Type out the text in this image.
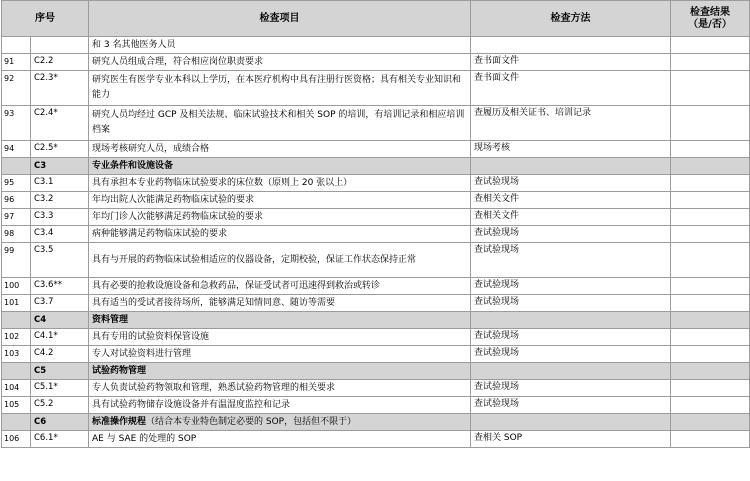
序号		检查项目	检查方法	检查结果
（是/否）

		和 3 名其他医务人员		
91	C2.2	研究人员组成合理，符合相应岗位职责要求	查书面文件	
92	C2.3*	研究医生有医学专业本科以上学历，在本医疗机构中具有注册行医资格；具有相关专业知识和能力	查书面文件	
93	C2.4*	研究人员均经过 GCP 及相关法规、临床试验技术和相关 SOP 的培训，有培训记录和相应培训档案	查履历及相关证书、培训记录	
94	C2.5*	现场考核研究人员，成绩合格	现场考核	
	C3	专业条件和设施设备		
95	C3.1	具有承担本专业药物临床试验要求的床位数（原则上 20 张以上）	查试验现场	
96	C3.2	年均出院人次能满足药物临床试验的要求	查相关文件	
97	C3.3	年均门诊人次能够满足药物临床试验的要求	查相关文件	
98	C3.4	病种能够满足药物临床试验的要求	查试验现场	
99	C3.5	具有与开展的药物临床试验相适应的仪器设备，定期校验，保证工作状态保持正常	查试验现场	
100	C3.6**	具有必要的抢救设施设备和急救药品，保证受试者可迅速得到救治或转诊	查试验现场	
101	C3.7	具有适当的受试者接待场所，能够满足知情同意、随访等需要	查试验现场	
	C4	资料管理		
102	C4.1*	具有专用的试验资料保管设施	查试验现场	
103	C4.2	专人对试验资料进行管理	查试验现场	
	C5	试验药物管理		
104	C5.1*	专人负责试验药物领取和管理，熟悉试验药物管理的相关要求	查试验现场	
105	C5.2	具有试验药物储存设施设备并有温湿度监控和记录	查试验现场	
	C6	标准操作规程（结合本专业特色制定必要的 SOP，包括但不限于）		
106	C6.1*	AE 与 SAE 的处理的 SOP	查相关 SOP	
